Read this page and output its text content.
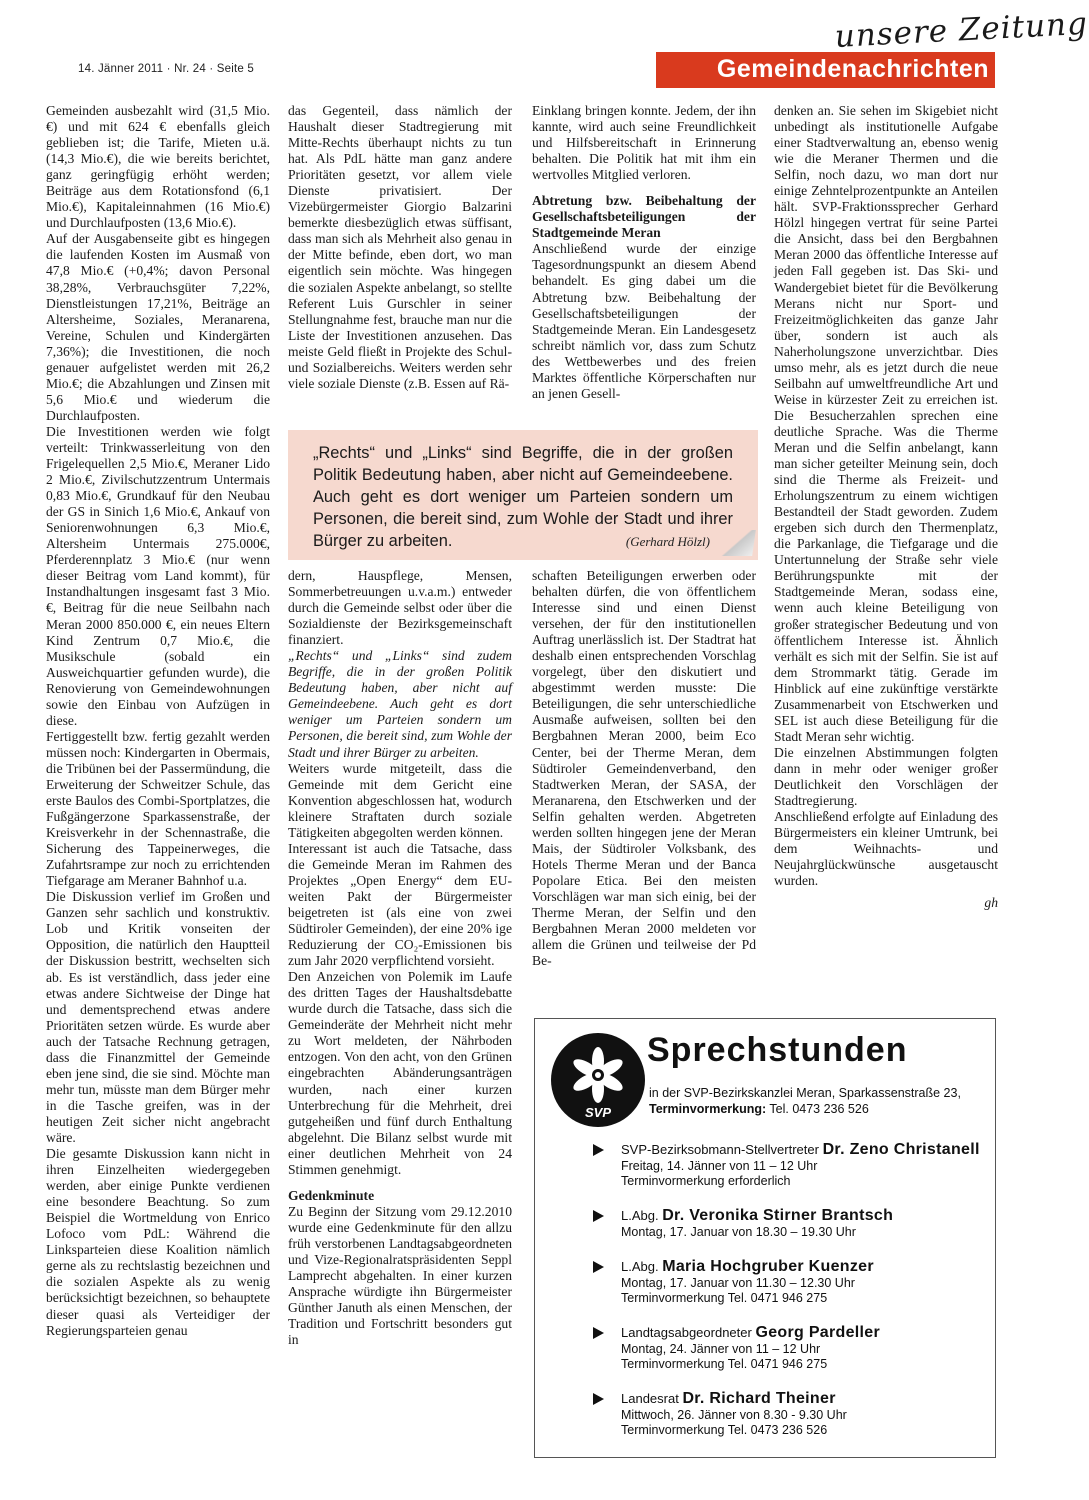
14. Jänner 2011 · Nr. 24 · Seite 5	Gemeindenachrichten
unsere Zeitung

Gemeinden ausbezahlt wird (31,5 Mio.€) und mit 624 € ebenfalls gleich geblieben ist; die Tarife, Mieten u.ä. (14,3 Mio.€), die wie bereits berichtet, ganz geringfügig erhöht werden; Beiträge aus dem Rotationsfond (6,1 Mio.€), Kapitaleinnahmen (16 Mio.€) und Durchlaufposten (13,6 Mio.€).

Auf der Ausgabenseite gibt es hingegen die laufenden Kosten im Ausmaß von 47,8 Mio.€ (+0,4%; davon Personal 38,28%, Verbrauchsgüter 7,22%, Dienstleistungen 17,21%, Beiträge an Altersheime, Soziales, Meranarena, Vereine, Schulen und Kindergärten 7,36%); die Investitionen, die noch genauer aufgelistet werden mit 26,2 Mio.€; die Abzahlungen und Zinsen mit 5,6 Mio.€ und wiederum die Durchlaufposten.

Die Investitionen werden wie folgt verteilt: Trinkwasserleitung von den Frigelequellen 2,5 Mio.€, Meraner Lido 2 Mio.€, Zivilschutzzentrum Untermais 0,83 Mio.€, Grundkauf für den Neubau der GS in Sinich 1,6 Mio.€, Ankauf von Seniorenwohnungen 6,3 Mio.€, Altersheim Untermais 275.000€, Pferderennplatz 3 Mio.€ (nur wenn dieser Beitrag vom Land kommt), für Instandhaltungen insgesamt fast 3 Mio.€, Beitrag für die neue Seilbahn nach Meran 2000 850.000 €, ein neues Eltern Kind Zentrum 0,7 Mio.€, die Musikschule (sobald ein Ausweichquartier gefunden wurde), die Renovierung von Gemeindewohnungen sowie den Einbau von Aufzügen in diese.

Fertiggestellt bzw. fertig gezahlt werden müssen noch: Kindergarten in Obermais, die Tribünen bei der Passermündung, die Erweiterung der Schweitzer Schule, das erste Baulos des Combi-Sportplatzes, die Fußgängerzone Sparkassenstraße, der Kreisverkehr in der Schennastraße, die Sicherung des Tappeinerweges, die Zufahrtsrampe zur noch zu errichtenden Tiefgarage am Meraner Bahnhof u.a.

Die Diskussion verlief im Großen und Ganzen sehr sachlich und konstruktiv. Lob und Kritik vonseiten der Opposition, die natürlich den Hauptteil der Diskussion bestritt, wechselten sich ab. Es ist verständlich, dass jeder eine etwas andere Sichtweise der Dinge hat und dementsprechend etwas andere Prioritäten setzen würde. Es wurde aber auch der Tatsache Rechnung getragen, dass die Finanzmittel der Gemeinde eben jene sind, die sie sind. Möchte man mehr tun, müsste man dem Bürger mehr in die Tasche greifen, was in der heutigen Zeit sicher nicht angebracht wäre.

Die gesamte Diskussion kann nicht in ihren Einzelheiten wiedergegeben werden, aber einige Punkte verdienen eine besondere Beachtung. So zum Beispiel die Wortmeldung von Enrico Lofoco vom PdL: Während die Linksparteien diese Koalition nämlich gerne als zu rechtslastig bezeichnen und die sozialen Aspekte als zu wenig berücksichtigt bezeichnen, so behauptete dieser quasi als Verteidiger der Regierungsparteien genau

das Gegenteil, dass nämlich der Haushalt dieser Stadtregierung mit Mitte-Rechts überhaupt nichts zu tun hat. Als PdL hätte man ganz andere Prioritäten gesetzt, vor allem viele Dienste privatisiert. Der Vizebürgermeister Giorgio Balzarini bemerkte diesbezüglich etwas süffisant, dass man sich als Mehrheit also genau in der Mitte befinde, eben dort, wo man eigentlich sein möchte. Was hingegen die sozialen Aspekte anbelangt, so stellte Referent Luis Gurschler in seiner Stellungnahme fest, brauche man nur die Liste der Investitionen anzusehen. Das meiste Geld fließt in Projekte des Schul- und Sozialbereichs. Weiters werden sehr viele soziale Dienste (z.B. Essen auf Rä-

Einklang bringen konnte. Jedem, der ihn kannte, wird auch seine Freundlichkeit und Hilfsbereitschaft in Erinnerung behalten. Die Politik hat mit ihm ein wertvolles Mitglied verloren.

Abtretung bzw. Beibehaltung der Gesellschaftsbeteiligungen der Stadtgemeinde Meran

Anschließend wurde der einzige Tagesordnungspunkt an diesem Abend behandelt. Es ging dabei um die Abtretung bzw. Beibehaltung der Gesellschaftsbeteiligungen der Stadtgemeinde Meran. Ein Landesgesetz schreibt nämlich vor, dass zum Schutz des Wettbewerbes und des freien Marktes öffentliche Körperschaften nur an jenen Gesell-

„Rechts“ und „Links“ sind Begriffe, die in der großen Politik Bedeutung haben, aber nicht auf Gemeindeebene. Auch geht es dort weniger um Parteien sondern um Personen, die bereit sind, zum Wohle der Stadt und ihrer Bürger zu arbeiten.	(Gerhard Hölzl)

dern, Hauspflege, Mensen, Sommerbetreuungen u.v.a.m.) entweder durch die Gemeinde selbst oder über die Sozialdienste der Bezirksgemeinschaft finanziert.

„Rechts“ und „Links“ sind zudem Begriffe, die in der großen Politik Bedeutung haben, aber nicht auf Gemeindeebene. Auch geht es dort weniger um Parteien sondern um Personen, die bereit sind, zum Wohle der Stadt und ihrer Bürger zu arbeiten.

Weiters wurde mitgeteilt, dass die Gemeinde mit dem Gericht eine Konvention abgeschlossen hat, wodurch kleinere Straftaten durch soziale Tätigkeiten abgegolten werden können.

Interessant ist auch die Tatsache, dass die Gemeinde Meran im Rahmen des Projektes „Open Energy“ dem EU-weiten Pakt der Bürgermeister beigetreten ist (als eine von zwei Südtiroler Gemeinden), der eine 20% ige Reduzierung der CO₂-Emissionen bis zum Jahr 2020 verpflichtend vorsieht.

Den Anzeichen von Polemik im Laufe des dritten Tages der Haushaltsdebatte wurde durch die Tatsache, dass sich die Gemeinderäte der Mehrheit nicht mehr zu Wort meldeten, der Nährboden entzogen. Von den acht, von den Grünen eingebrachten Abänderungsanträgen wurden, nach einer kurzen Unterbrechung für die Mehrheit, drei gutgeheißen und fünf durch Enthaltung abgelehnt. Die Bilanz selbst wurde mit einer deutlichen Mehrheit von 24 Stimmen genehmigt.

Gedenkminute

Zu Beginn der Sitzung vom 29.12.2010 wurde eine Gedenkminute für den allzu früh verstorbenen Landtagsabgeordneten und Vize-Regionalratspräsidenten Seppl Lamprecht abgehalten. In einer kurzen Ansprache würdigte ihn Bürgermeister Günther Januth als einen Menschen, der Tradition und Fortschritt besonders gut in

schaften Beteiligungen erwerben oder behalten dürfen, die von öffentlichem Interesse sind und einen Dienst versehen, der für den institutionellen Auftrag unerlässlich ist. Der Stadtrat hat deshalb einen entsprechenden Vorschlag vorgelegt, über den diskutiert und abgestimmt werden musste: Die Beteiligungen, die sehr unterschiedliche Ausmaße aufweisen, sollten bei den Bergbahnen Meran 2000, beim Eco Center, bei der Therme Meran, dem Südtiroler Gemeindenverband, den Stadtwerken Meran, der SASA, der Meranarena, den Etschwerken und der Selfin gehalten werden. Abgetreten werden sollten hingegen jene der Meran Mais, der Südtiroler Volksbank, des Hotels Therme Meran und der Banca Popolare Etica. Bei den meisten Vorschlägen war man sich einig, bei der Therme Meran, der Selfin und den Bergbahnen Meran 2000 meldeten vor allem die Grünen und teilweise der Pd Be-

denken an. Sie sehen im Skigebiet nicht unbedingt als institutionelle Aufgabe einer Stadtverwaltung an, ebenso wenig wie die Meraner Thermen und die Selfin, noch dazu, wo man dort nur einige Zehntelprozentpunkte an Anteilen hält. SVP-Fraktionssprecher Gerhard Hölzl hingegen vertrat für seine Partei die Ansicht, dass bei den Bergbahnen Meran 2000 das öffentliche Interesse auf jeden Fall gegeben ist. Das Ski- und Wandergebiet bietet für die Bevölkerung Merans nicht nur Sport- und Freizeitmöglichkeiten das ganze Jahr über, sondern ist auch als Naherholungszone unverzichtbar. Dies umso mehr, als es jetzt durch die neue Seilbahn auf umweltfreundliche Art und Weise in kürzester Zeit zu erreichen ist. Die Besucherzahlen sprechen eine deutliche Sprache. Was die Therme Meran und die Selfin anbelangt, kann man sicher geteilter Meinung sein, doch sind die Therme als Freizeit- und Erholungszentrum zu einem wichtigen Bestandteil der Stadt geworden. Zudem ergeben sich durch den Thermenplatz, die Parkanlage, die Tiefgarage und die Untertunnelung der Straße sehr viele Berührungspunkte mit der Stadtgemeinde Meran, sodass eine, wenn auch kleine Beteiligung von großer strategischer Bedeutung und von öffentlichem Interesse ist. Ähnlich verhält es sich mit der Selfin. Sie ist auf dem Strommarkt tätig. Gerade im Hinblick auf eine zukünftige verstärkte Zusammenarbeit von Etschwerken und SEL ist auch diese Beteiligung für die Stadt Meran sehr wichtig.

Die einzelnen Abstimmungen folgten dann in mehr oder weniger großer Deutlichkeit den Vorschlägen der Stadtregierung.

Anschließend erfolgte auf Einladung des Bürgermeisters ein kleiner Umtrunk, bei dem Weihnachts- und Neujahrglückwünsche ausgetauscht wurden.

gh

SVP
Sprechstunden
in der SVP-Bezirkskanzlei Meran, Sparkassenstraße 23,
Terminvormerkung: Tel. 0473 236 526
SVP-Bezirksobmann-Stellvertreter Dr. Zeno Christanell
Freitag, 14. Jänner von 11 – 12 Uhr
Terminvormerkung erforderlich
L.Abg. Dr. Veronika Stirner Brantsch
Montag, 17. Januar von 18.30 – 19.30 Uhr
L.Abg. Maria Hochgruber Kuenzer
Montag, 17. Januar von 11.30 – 12.30 Uhr
Terminvormerkung Tel. 0471 946 275
Landtagsabgeordneter Georg Pardeller
Montag, 24. Jänner von 11 – 12 Uhr
Terminvormerkung Tel. 0471 946 275
Landesrat Dr. Richard Theiner
Mittwoch, 26. Jänner von 8.30 - 9.30 Uhr
Terminvormerkung Tel. 0473 236 526
